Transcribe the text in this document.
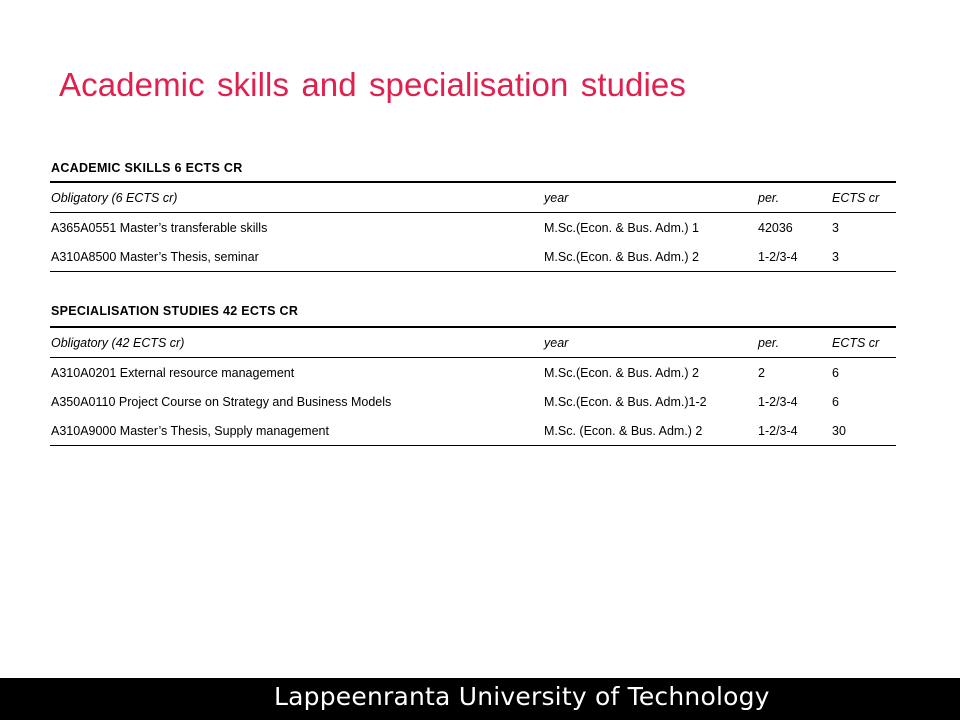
Academic skills and specialisation studies
ACADEMIC SKILLS 6 ECTS CR
Obligatory (6 ECTS cr)	year	per.	ECTS cr
A365A0551 Master’s transferable skills	M.Sc.(Econ. & Bus. Adm.) 1	42036	3
A310A8500 Master’s Thesis, seminar	M.Sc.(Econ. & Bus. Adm.) 2	1-2/3-4	3
SPECIALISATION STUDIES 42 ECTS CR
Obligatory (42 ECTS cr)	year	per.	ECTS cr
A310A0201 External resource management	M.Sc.(Econ. & Bus. Adm.) 2	2	6
A350A0110 Project Course on Strategy and Business Models	M.Sc.(Econ. & Bus. Adm.)1-2	1-2/3-4	6
A310A9000 Master’s Thesis, Supply management	M.Sc. (Econ. & Bus. Adm.) 2	1-2/3-4	30
Lappeenranta University of Technology
